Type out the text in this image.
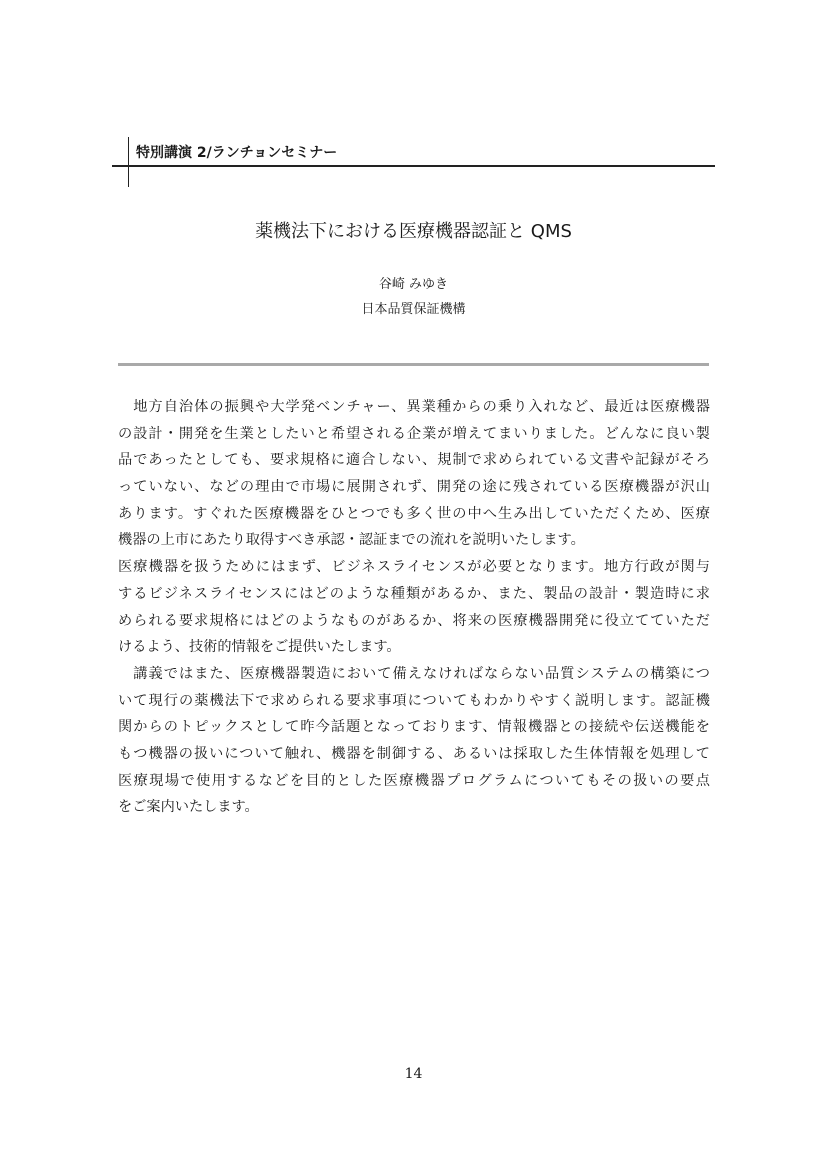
特別講演 2/ランチョンセミナー
薬機法下における医療機器認証と QMS
谷崎 みゆき
日本品質保証機構
　地方自治体の振興や大学発ベンチャー、異業種からの乗り入れなど、最近は医療機器
の設計・開発を生業としたいと希望される企業が増えてまいりました。どんなに良い製
品であったとしても、要求規格に適合しない、規制で求められている文書や記録がそろ
っていない、などの理由で市場に展開されず、開発の途に残されている医療機器が沢山
あります。すぐれた医療機器をひとつでも多く世の中へ生み出していただくため、医療
機器の上市にあたり取得すべき承認・認証までの流れを説明いたします。
医療機器を扱うためにはまず、ビジネスライセンスが必要となります。地方行政が関与
するビジネスライセンスにはどのような種類があるか、また、製品の設計・製造時に求
められる要求規格にはどのようなものがあるか、将来の医療機器開発に役立てていただ
けるよう、技術的情報をご提供いたします。
　講義ではまた、医療機器製造において備えなければならない品質システムの構築につ
いて現行の薬機法下で求められる要求事項についてもわかりやすく説明します。認証機
関からのトピックスとして昨今話題となっております、情報機器との接続や伝送機能を
もつ機器の扱いについて触れ、機器を制御する、あるいは採取した生体情報を処理して
医療現場で使用するなどを目的とした医療機器プログラムについてもその扱いの要点
をご案内いたします。
14
